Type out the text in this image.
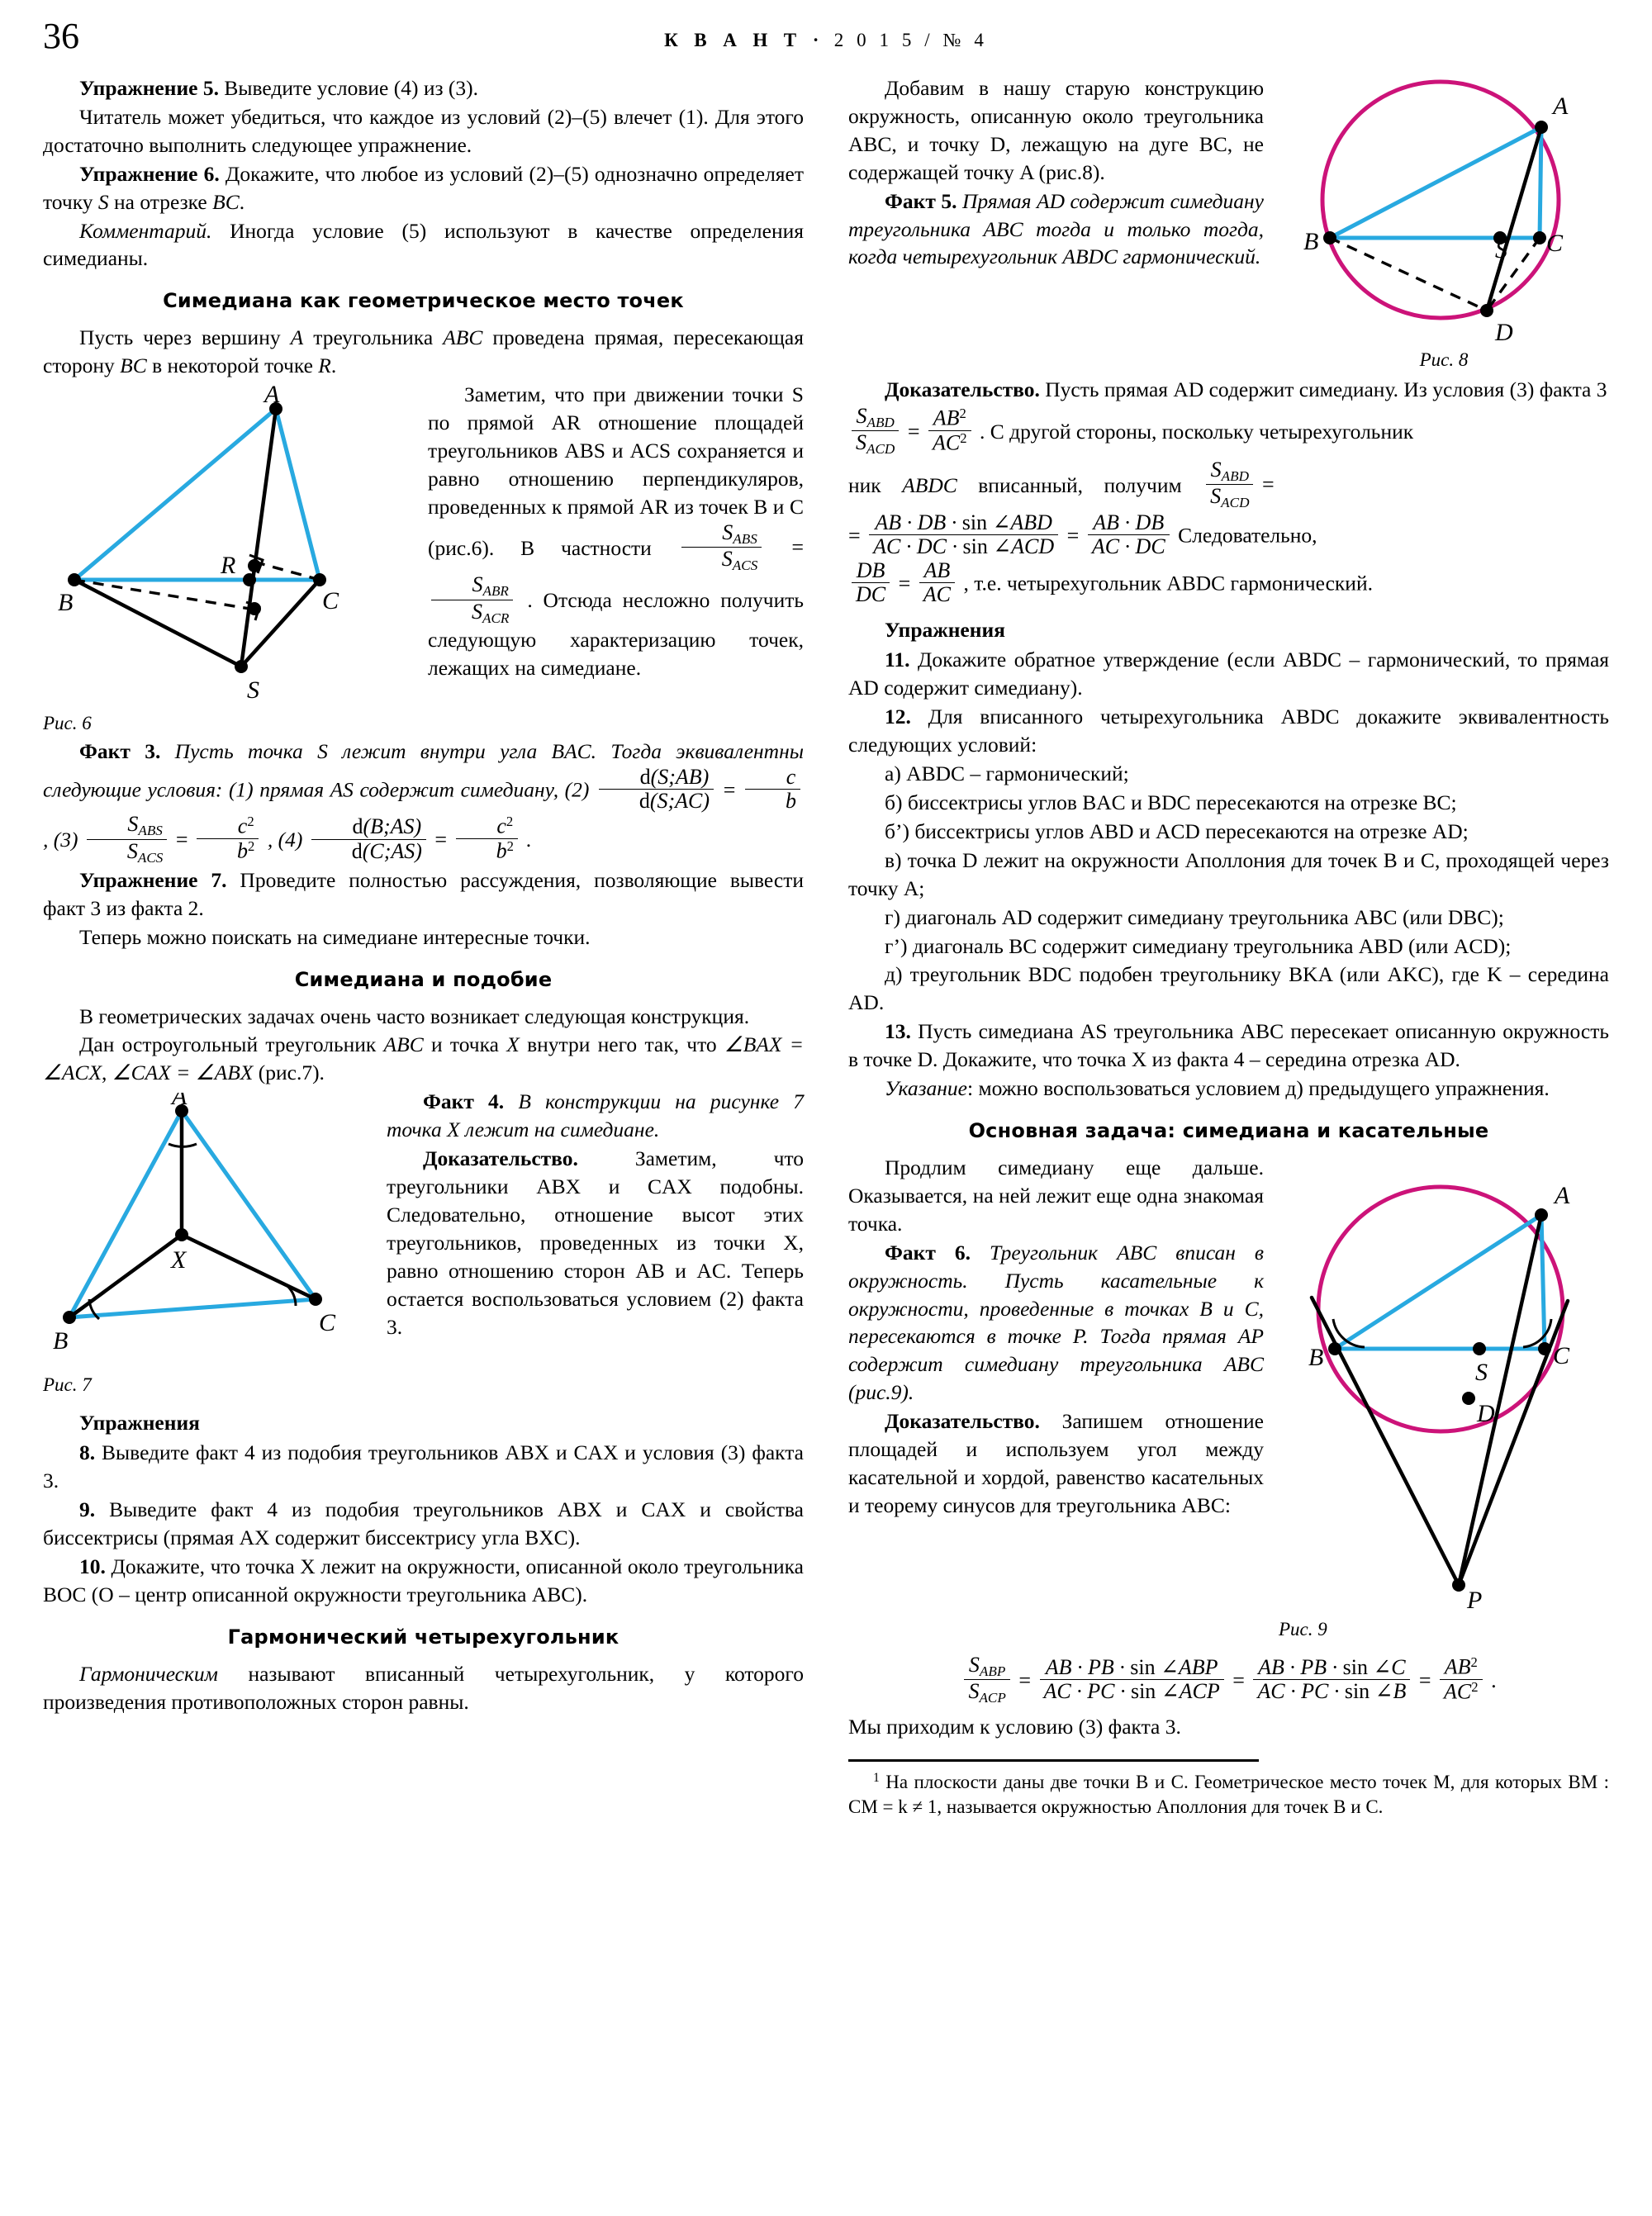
36	К В А Н Т · 2 0 1 5 / № 4

Упражнение 5. Выведите условие (4) из (3).

Читатель может убедиться, что каждое из условий (2)–(5) влечет (1). Для этого достаточно выполнить следующее упражнение.

Упражнение 6. Докажите, что любое из условий (2)–(5) однозначно определяет точку S на отрезке BC.

Комментарий. Иногда условие (5) используют в качестве определения симедианы.

Симедиана как геометрическое место точек

Пусть через вершину A треугольника ABC проведена прямая, пересекающая сторону BC в некоторой точке R.

A
B	C
R
S
Рис. 6

Заметим, что при движении точки S по прямой AR отношение площадей треугольников ABS и ACS сохраняется и равно отношению перпендикуляров, проведенных к прямой AR из точек B и C (рис.6). В частности $\frac{S_{ABS}}{S_{ACS}}$ =
$\frac{S_{ABR}}{S_{ACR}}$ . Отсюда несложно получить следующую характеризацию точек, лежащих на симедиане.

Факт 3. Пусть точка S лежит внутри угла BAC. Тогда эквивалентны следующие условия: (1) прямая AS содержит симедиану, $(2) \frac{d(S;AB)}{d(S;AC)} = \frac{c}{b}$
, $(3) \frac{S_{ABS}}{S_{ACS}} = \frac{c^2}{b^2}$ , $(4) \frac{d(B;AS)}{d(C;AS)} = \frac{c^2}{b^2}$ .

Упражнение 7. Проведите полностью рассуждения, позволяющие вывести факт 3 из факта 2.

Теперь можно поискать на симедиане интересные точки.

Симедиана и подобие

В геометрических задачах очень часто возникает следующая конструкция.

Дан остроугольный треугольник ABC и точка X внутри него так, что ∠BAX = ∠ACX, ∠CAX = ∠ABX (рис.7).

A
B
C
X
Рис. 7

Факт 4. В конструкции на рисунке 7 точка X лежит на симедиане.

Доказательство. Заметим, что треугольники ABX и CAX подобны. Следовательно, отношение высот этих треугольников, проведенных из точки X, равно отношению сторон AB и AC. Теперь остается воспользоваться условием (2) факта 3.

Упражнения

8. Выведите факт 4 из подобия треугольников ABX и CAX и условия (3) факта 3.

9. Выведите факт 4 из подобия треугольников ABX и CAX и свойства биссектрисы (прямая AX содержит биссектрису угла BXC).

10. Докажите, что точка X лежит на окружности, описанной около треугольника BOC (O – центр описанной окружности треугольника ABC).

Гармонический четырехугольник

Гармоническим называют вписанный четырехугольник, у которого произведения противоположных сторон равны.

A
B	C
S
D
Рис. 8

Добавим в нашу старую конструкцию окружность, описанную около треугольника ABC, и точку D, лежащую на дуге BC, не содержащей точку A (рис.8).

Факт 5. Прямая AD содержит симедиану треугольника ABC тогда и только тогда, когда четырехугольник ABDC гармонический.

Доказательство. Пусть прямая AD содержит симедиану. Из условия (3) факта 3

$\frac{S_{ABD}}{S_{ACD}} = \frac{AB^2}{AC^2}$ . С другой стороны, поскольку четырехугольник

ник ABDC вписанный, получим $\frac{S_{ABD}}{S_{ACD}}$ =

= $\frac{\text{AB · DB · sin ∠ABD}}{\text{AC · DC · sin ∠ACD}} = \frac{AB \cdot DB}{AC \cdot DC}$ Следовательно,

$\frac{DB}{DC} = \frac{AB}{AC}$ , т.е. четырехугольник ABDC гармонический.

Упражнения

11. Докажите обратное утверждение (если ABDC – гармонический, то прямая AD содержит симедиану).

12. Для вписанного четырехугольника ABDC докажите эквивалентность следующих условий:

а) ABDC – гармонический;

б) биссектрисы углов BAC и BDC пересекаются на отрезке BC;

б’) биссектрисы углов ABD и ACD пересекаются на отрезке AD;

в) точка D лежит на окружности Аполлония для точек B и C, проходящей через точку A;

г) диагональ AD содержит симедиану треугольника ABC (или DBC);

г’) диагональ BC содержит симедиану треугольника ABD (или ACD);

д) треугольник BDC подобен треугольнику BKA (или AKC), где K – середина AD.

13. Пусть симедиана AS треугольника ABC пересекает описанную окружность в точке D. Докажите, что точка X из факта 4 – середина отрезка AD.

Указание: можно воспользоваться условием д) предыдущего упражнения.

Основная задача: симедиана и касательные

A
B	C
S
D
P
Рис. 9

Продлим симедиану еще дальше. Оказывается, на ней лежит еще одна знакомая точка.

Факт 6. Треугольник ABC вписан в окружность. Пусть касательные к окружности, проведенные в точках B и C, пересекаются в точке P. Тогда прямая AP содержит симедиану треугольника ABC (рис.9).

Доказательство. Запишем отношение площадей и используем угол между касательной и хордой, равенство касательных и теорему синусов для треугольника ABC:

$\frac{S_{ABP}}{S_{ACP}} = \frac{\text{AB · PB · sin ∠ABP}}{\text{AC · PC · sin ∠ACP}} = \frac{AB \cdot PB \cdot \sin \angle C}{AC \cdot PC \cdot \sin \angle B} = \frac{AB^2}{AC^2}$ .

Мы приходим к условию (3) факта 3.

$^1$ На плоскости даны две точки B и C. Геометрическое место точек M, для которых BM : CM = k ≠ 1, называется окружностью Аполлония для точек B и C.
